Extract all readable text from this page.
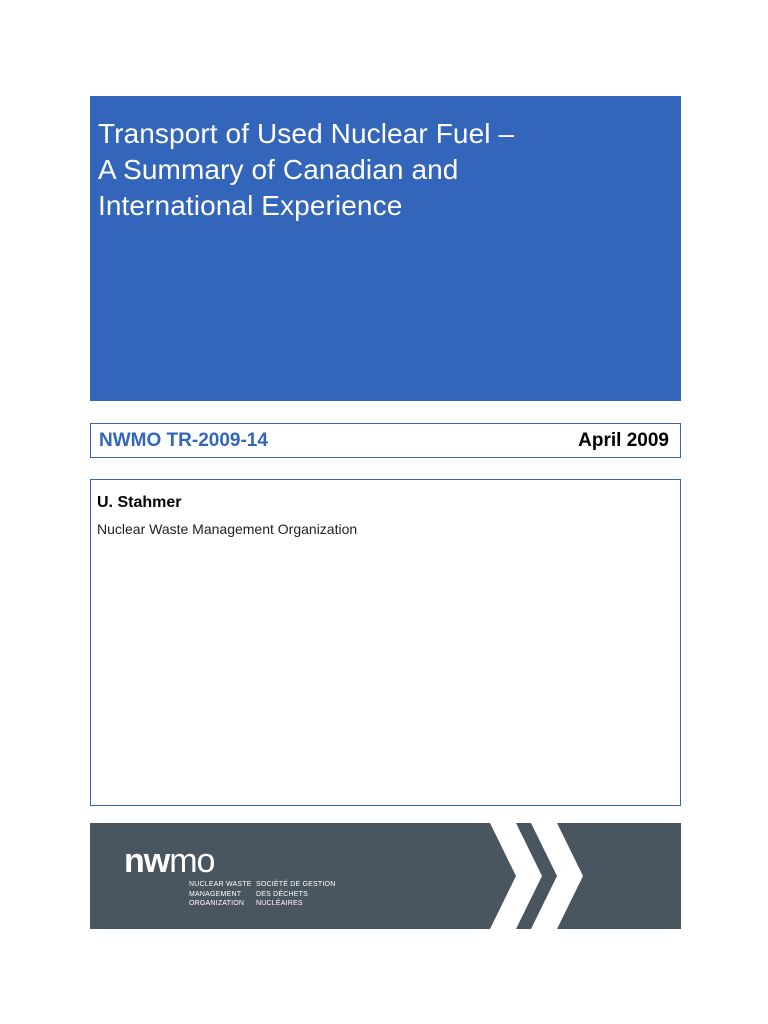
Transport of Used Nuclear Fuel –
A Summary of Canadian and
International Experience
NWMO TR-2009-14	April 2009
U. Stahmer
Nuclear Waste Management Organization
nwmo
NUCLEAR WASTE
MANAGEMENT
ORGANIZATION
SOCIÉTÉ DE GESTION
DES DÉCHETS
NUCLÉAIRES
